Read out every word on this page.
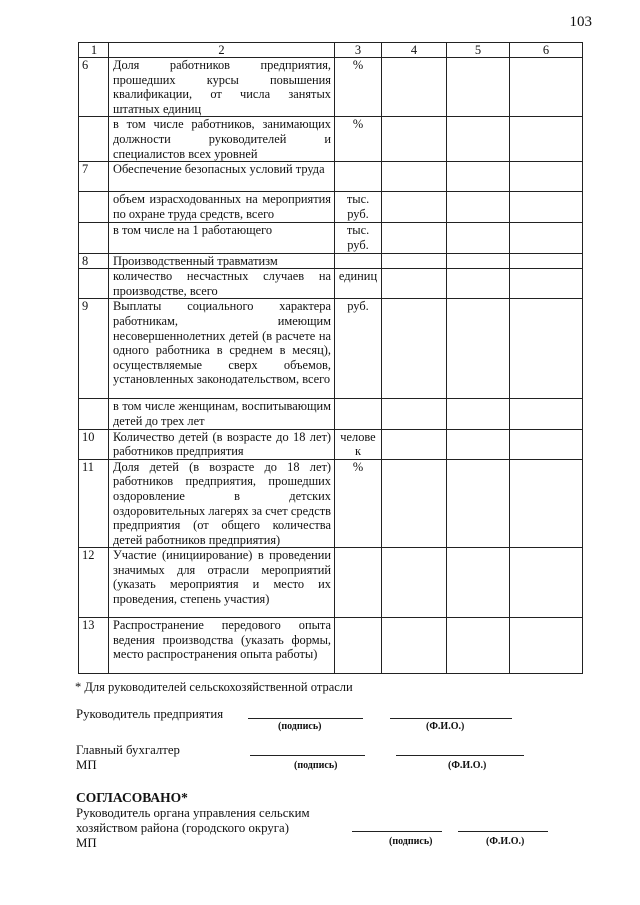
103
1	2	3	4	5	6
6	Доля работников предприятия, прошедших курсы повышения квалификации, от числа занятых штатных единиц	%			
	в том числе работников, занимающих должности руководителей и специалистов всех уровней	%			
7	Обеспечение безопасных условий труда				
	объем израсходованных на мероприятия по охране труда средств, всего	тыс. руб.			
	в том числе на 1 работающего	тыс. руб.			
8	Производственный травматизм				
	количество несчастных случаев на производстве, всего	единиц			
9	Выплаты социального характера работникам, имеющим несовершеннолетних детей (в расчете на одного работника в среднем в месяц), осуществляемые сверх объемов, установленных законодательством, всего	руб.			
	в том числе женщинам, воспитывающим детей до трех лет				
10	Количество детей (в возрасте до 18 лет) работников предприятия	челове к			
11	Доля детей (в возрасте до 18 лет) работников предприятия, прошедших оздоровление в детских оздоровительных лагерях за счет средств предприятия (от общего количества детей работников предприятия)	%			
12	Участие (инициирование) в проведении значимых для отрасли мероприятий (указать мероприятия и место их проведения, степень участия)				
13	Распространение передового опыта ведения производства (указать формы, место распространения опыта работы)				
* Для руководителей сельскохозяйственной отрасли
Руководитель предприятия
(подпись)	(Ф.И.О.)
Главный бухгалтер
МП	(подпись)	(Ф.И.О.)
СОГЛАСОВАНО*
Руководитель органа управления сельским
хозяйством района (городского округа)
МП	(подпись)	(Ф.И.О.)
